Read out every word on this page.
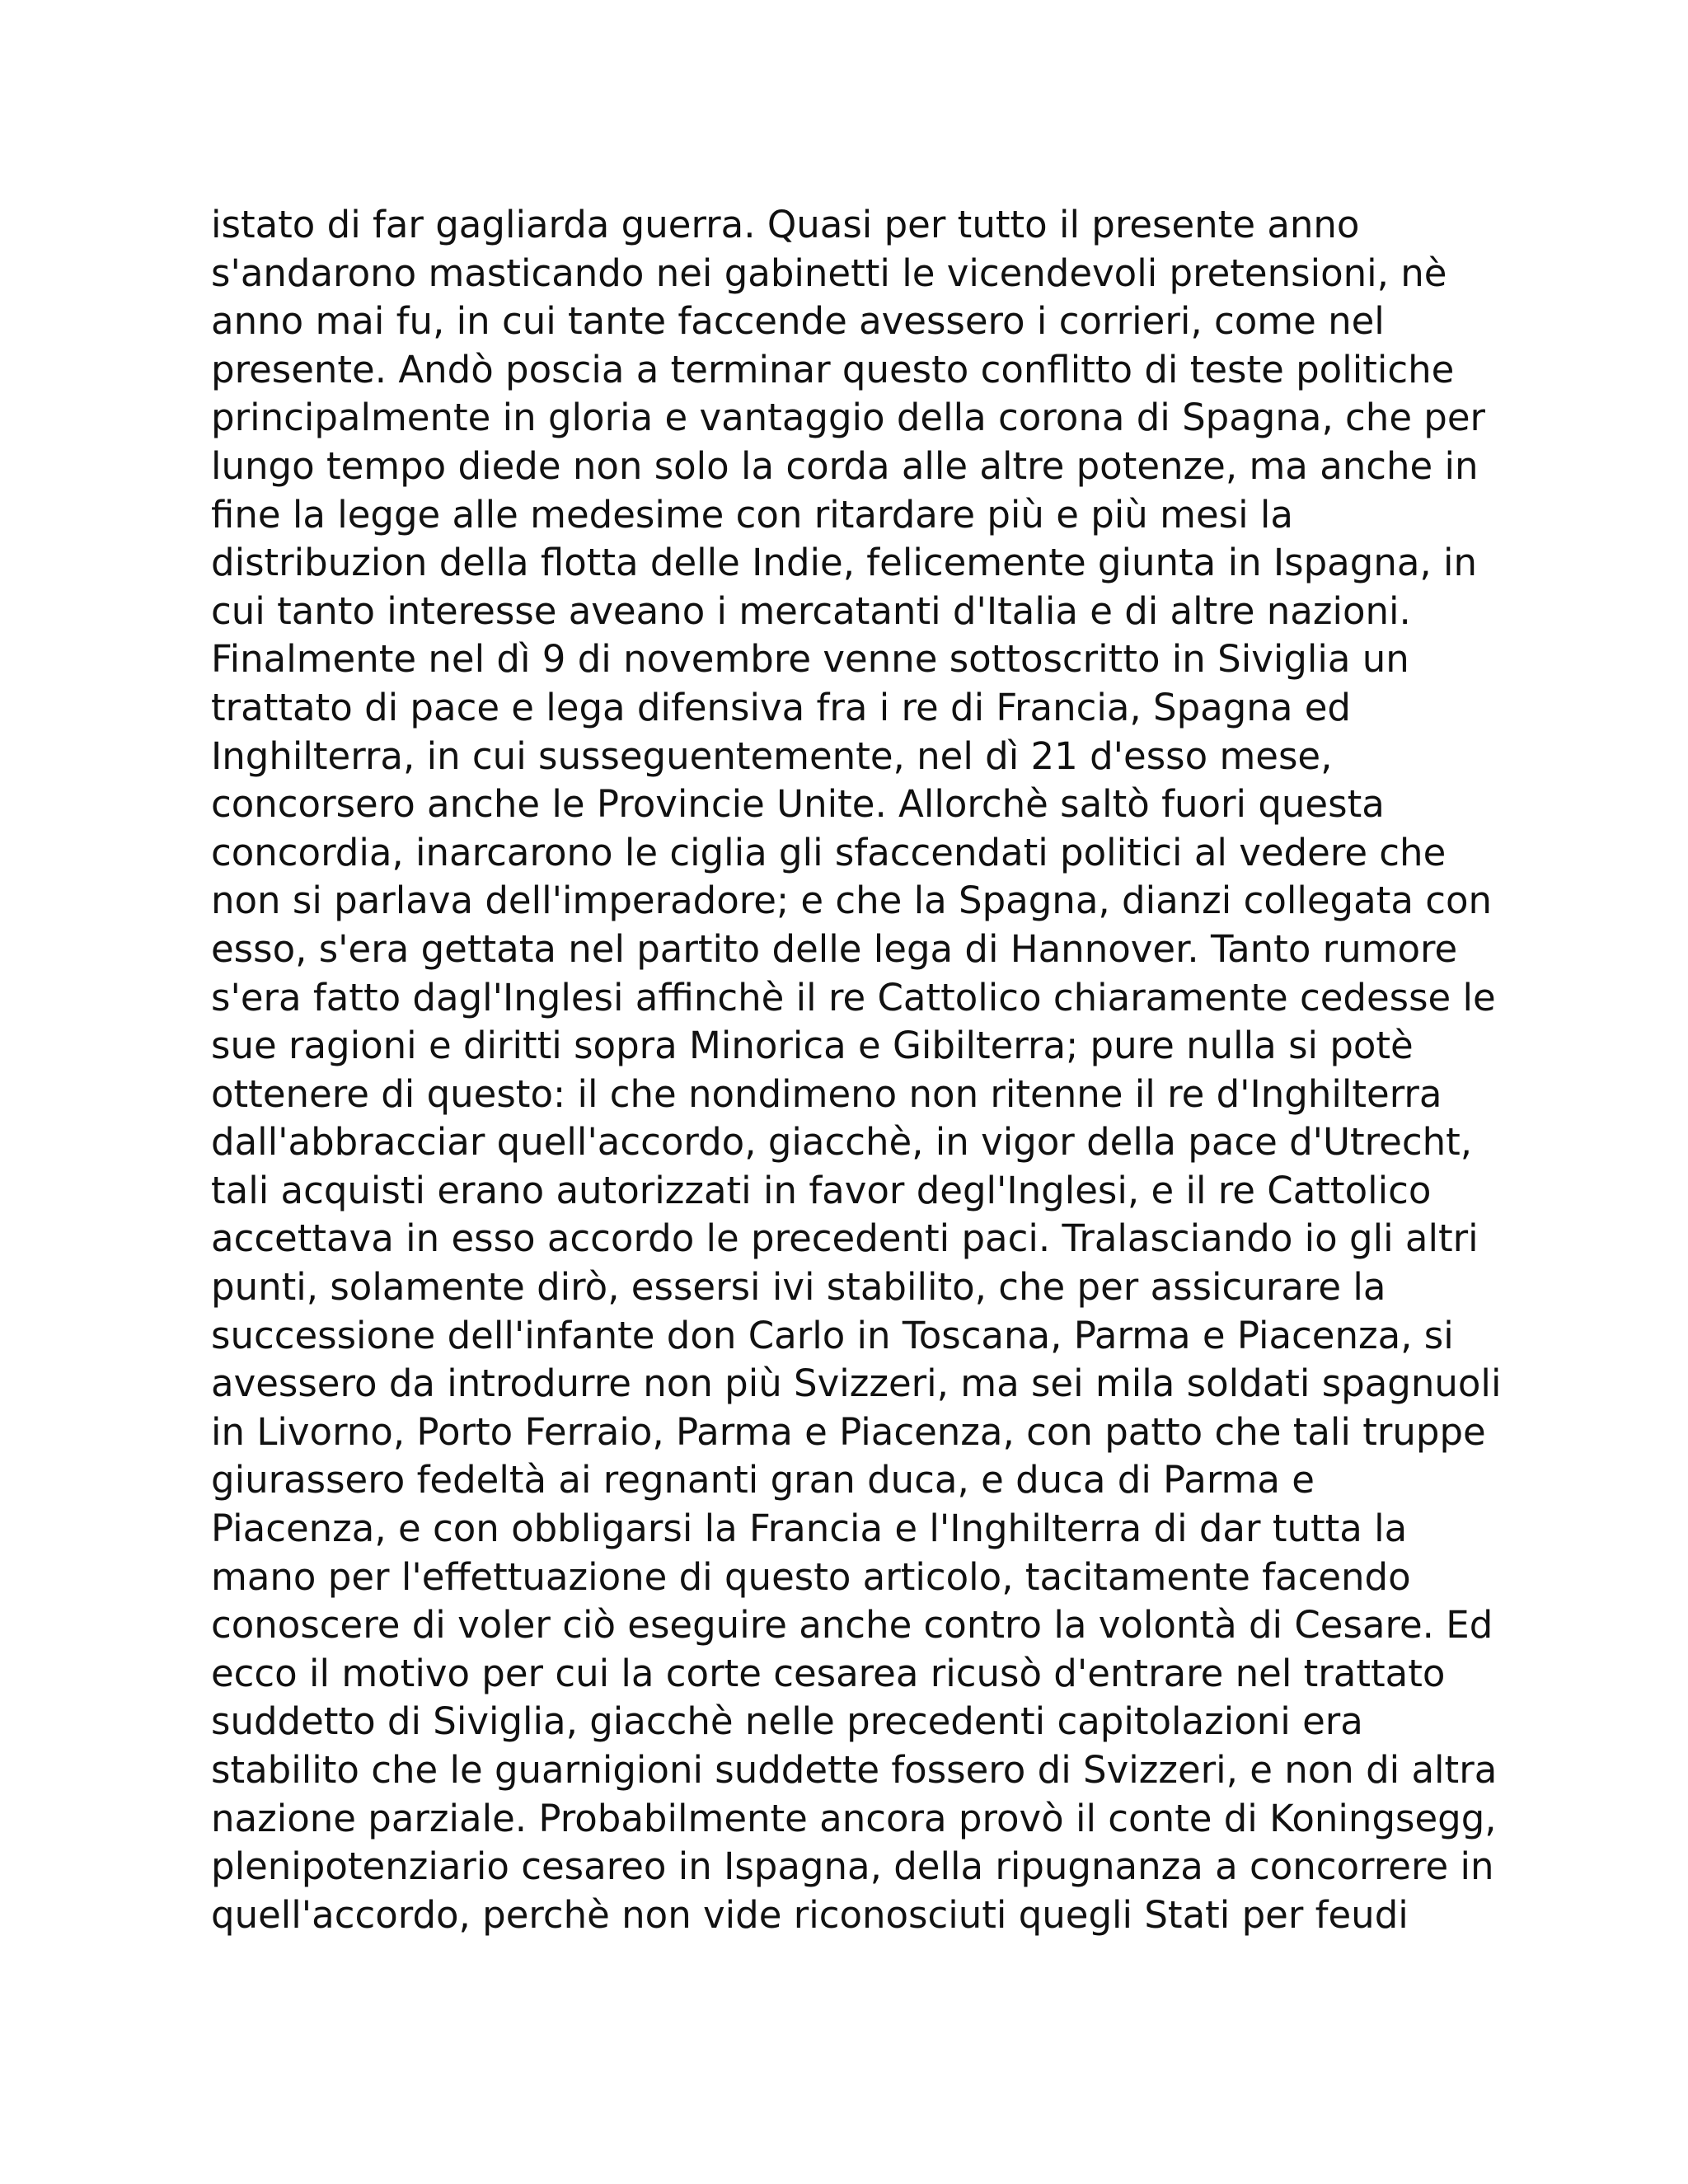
istato di far gagliarda guerra. Quasi per tutto il presente anno
s'andarono masticando nei gabinetti le vicendevoli pretensioni, nè
anno mai fu, in cui tante faccende avessero i corrieri, come nel
presente. Andò poscia a terminar questo conflitto di teste politiche
principalmente in gloria e vantaggio della corona di Spagna, che per
lungo tempo diede non solo la corda alle altre potenze, ma anche in
fine la legge alle medesime con ritardare più e più mesi la
distribuzion della flotta delle Indie, felicemente giunta in Ispagna, in
cui tanto interesse aveano i mercatanti d'Italia e di altre nazioni.
Finalmente nel dì 9 di novembre venne sottoscritto in Siviglia un
trattato di pace e lega difensiva fra i re di Francia, Spagna ed
Inghilterra, in cui susseguentemente, nel dì 21 d'esso mese,
concorsero anche le Provincie Unite. Allorchè saltò fuori questa
concordia, inarcarono le ciglia gli sfaccendati politici al vedere che
non si parlava dell'imperadore; e che la Spagna, dianzi collegata con
esso, s'era gettata nel partito delle lega di Hannover. Tanto rumore
s'era fatto dagl'Inglesi affinchè il re Cattolico chiaramente cedesse le
sue ragioni e diritti sopra Minorica e Gibilterra; pure nulla si potè
ottenere di questo: il che nondimeno non ritenne il re d'Inghilterra
dall'abbracciar quell'accordo, giacchè, in vigor della pace d'Utrecht,
tali acquisti erano autorizzati in favor degl'Inglesi, e il re Cattolico
accettava in esso accordo le precedenti paci. Tralasciando io gli altri
punti, solamente dirò, essersi ivi stabilito, che per assicurare la
successione dell'infante don Carlo in Toscana, Parma e Piacenza, si
avessero da introdurre non più Svizzeri, ma sei mila soldati spagnuoli
in Livorno, Porto Ferraio, Parma e Piacenza, con patto che tali truppe
giurassero fedeltà ai regnanti gran duca, e duca di Parma e
Piacenza, e con obbligarsi la Francia e l'Inghilterra di dar tutta la
mano per l'effettuazione di questo articolo, tacitamente facendo
conoscere di voler ciò eseguire anche contro la volontà di Cesare. Ed
ecco il motivo per cui la corte cesarea ricusò d'entrare nel trattato
suddetto di Siviglia, giacchè nelle precedenti capitolazioni era
stabilito che le guarnigioni suddette fossero di Svizzeri, e non di altra
nazione parziale. Probabilmente ancora provò il conte di Koningsegg,
plenipotenziario cesareo in Ispagna, della ripugnanza a concorrere in
quell'accordo, perchè non vide riconosciuti quegli Stati per feudi
